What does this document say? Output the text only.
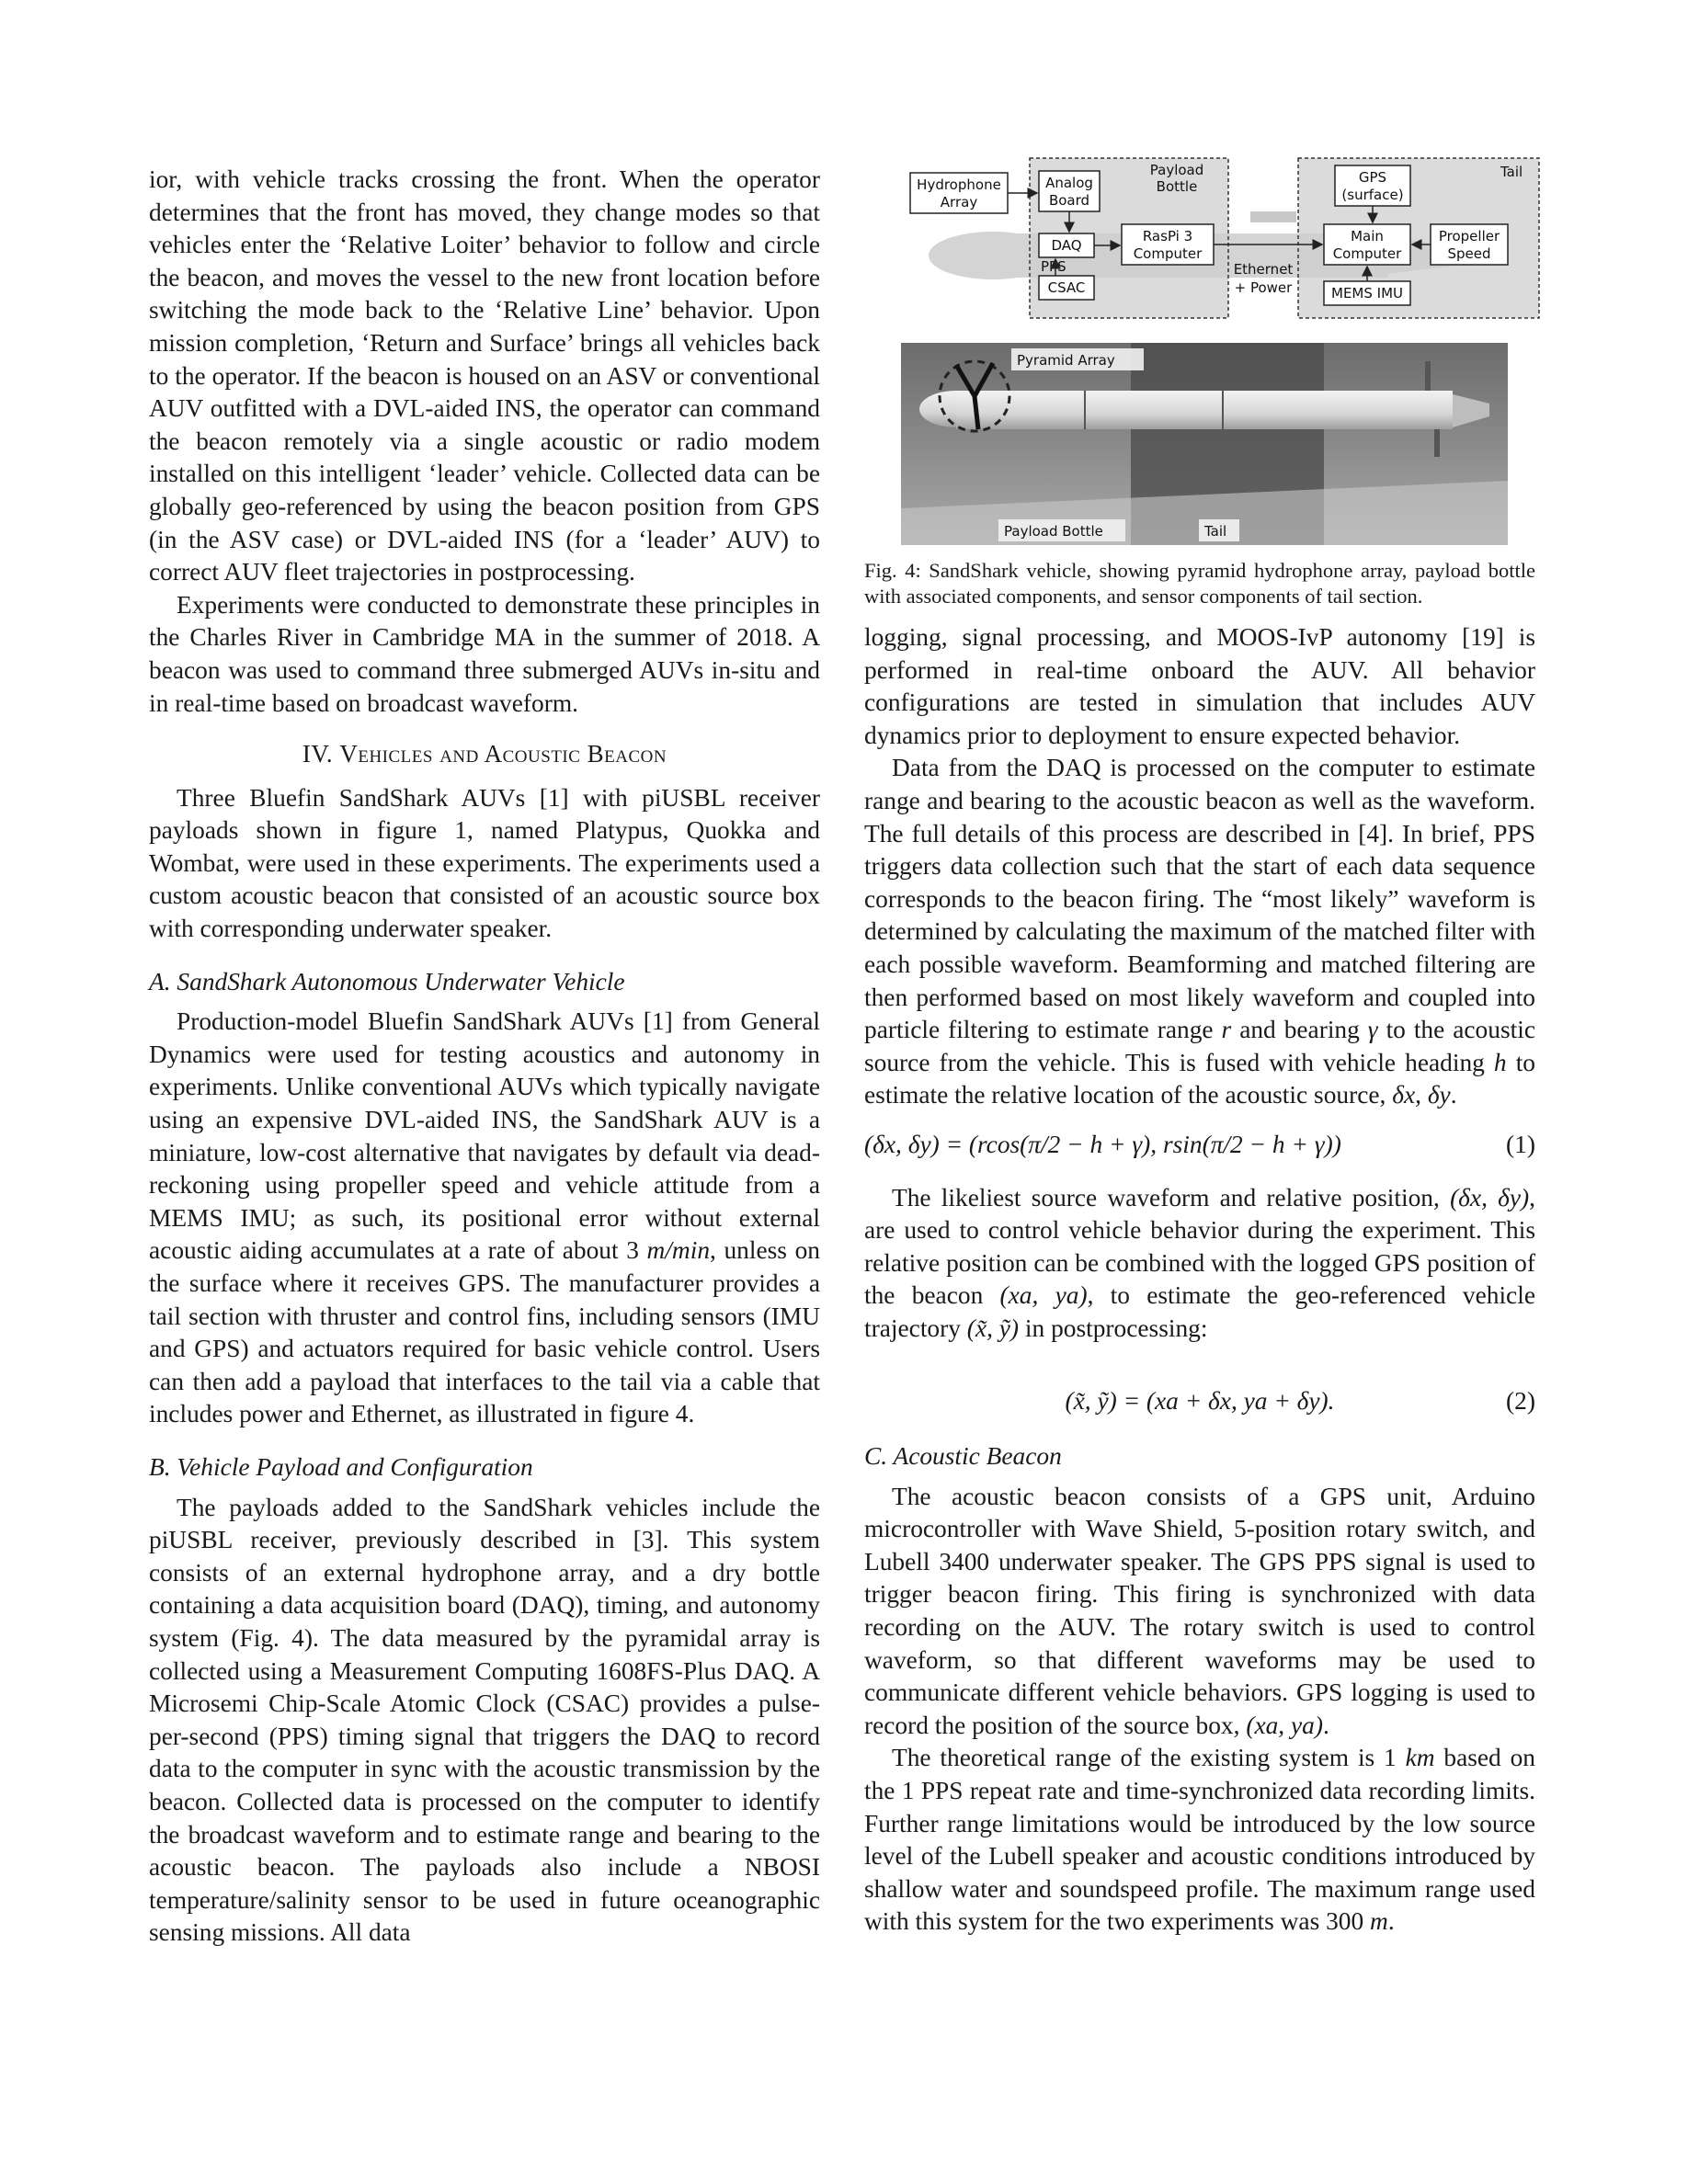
ior, with vehicle tracks crossing the front. When the operator determines that the front has moved, they change modes so that vehicles enter the ‘Relative Loiter’ behavior to follow and circle the beacon, and moves the vessel to the new front location before switching the mode back to the ‘Relative Line’ behavior. Upon mission completion, ‘Return and Surface’ brings all vehicles back to the operator. If the beacon is housed on an ASV or conventional AUV outfitted with a DVL-aided INS, the operator can command the beacon remotely via a single acoustic or radio modem installed on this intelligent ‘leader’ vehicle. Collected data can be globally geo-referenced by using the beacon position from GPS (in the ASV case) or DVL-aided INS (for a ‘leader’ AUV) to correct AUV fleet trajectories in postprocessing.

Experiments were conducted to demonstrate these principles in the Charles River in Cambridge MA in the summer of 2018. A beacon was used to command three submerged AUVs in-situ and in real-time based on broadcast waveform.

IV. Vehicles and Acoustic Beacon

Three Bluefin SandShark AUVs [1] with piUSBL receiver payloads shown in figure 1, named Platypus, Quokka and Wombat, were used in these experiments. The experiments used a custom acoustic beacon that consisted of an acoustic source box with corresponding underwater speaker.

A. SandShark Autonomous Underwater Vehicle

Production-model Bluefin SandShark AUVs [1] from General Dynamics were used for testing acoustics and autonomy in experiments. Unlike conventional AUVs which typically navigate using an expensive DVL-aided INS, the SandShark AUV is a miniature, low-cost alternative that navigates by default via dead-reckoning using propeller speed and vehicle attitude from a MEMS IMU; as such, its positional error without external acoustic aiding accumulates at a rate of about 3 m/min, unless on the surface where it receives GPS. The manufacturer provides a tail section with thruster and control fins, including sensors (IMU and GPS) and actuators required for basic vehicle control. Users can then add a payload that interfaces to the tail via a cable that includes power and Ethernet, as illustrated in figure 4.

B. Vehicle Payload and Configuration

The payloads added to the SandShark vehicles include the piUSBL receiver, previously described in [3]. This system consists of an external hydrophone array, and a dry bottle containing a data acquisition board (DAQ), timing, and autonomy system (Fig. 4). The data measured by the pyramidal array is collected using a Measurement Computing 1608FS-Plus DAQ. A Microsemi Chip-Scale Atomic Clock (CSAC) provides a pulse-per-second (PPS) timing signal that triggers the DAQ to record data to the computer in sync with the acoustic transmission by the beacon. Collected data is processed on the computer to identify the broadcast waveform and to estimate range and bearing to the acoustic beacon. The payloads also include a NBOSI temperature/salinity sensor to be used in future oceanographic sensing missions. All data

Hydrophone
Array
Analog
Board
Payload
Bottle
DAQ
PPS
CSAC
RasPi 3
Computer
Ethernet
+ Power
GPS
(surface)
Tail
Main
Computer
Propeller
Speed
MEMS IMU
Pyramid Array
Payload Bottle	Tail
Fig. 4: SandShark vehicle, showing pyramid hydrophone array, payload bottle with associated components, and sensor components of tail section.

logging, signal processing, and MOOS-IvP autonomy [19] is performed in real-time onboard the AUV. All behavior configurations are tested in simulation that includes AUV dynamics prior to deployment to ensure expected behavior.

Data from the DAQ is processed on the computer to estimate range and bearing to the acoustic beacon as well as the waveform. The full details of this process are described in [4]. In brief, PPS triggers data collection such that the start of each data sequence corresponds to the beacon firing. The “most likely” waveform is determined by calculating the maximum of the matched filter with each possible waveform. Beamforming and matched filtering are then performed based on most likely waveform and coupled into particle filtering to estimate range r and bearing γ to the acoustic source from the vehicle. This is fused with vehicle heading h to estimate the relative location of the acoustic source, δx, δy.

(δx, δy) = (rcos(π/2 − h + γ), rsin(π/2 − h + γ))	(1)

The likeliest source waveform and relative position, (δx, δy), are used to control vehicle behavior during the experiment. This relative position can be combined with the logged GPS position of the beacon (xa, ya), to estimate the geo-referenced vehicle trajectory (x̃, ỹ) in postprocessing:

(x̃, ỹ) = (xa + δx, ya + δy).	(2)
C. Acoustic Beacon

The acoustic beacon consists of a GPS unit, Arduino microcontroller with Wave Shield, 5-position rotary switch, and Lubell 3400 underwater speaker. The GPS PPS signal is used to trigger beacon firing. This firing is synchronized with data recording on the AUV. The rotary switch is used to control waveform, so that different waveforms may be used to communicate different vehicle behaviors. GPS logging is used to record the position of the source box, (xa, ya).

The theoretical range of the existing system is 1 km based on the 1 PPS repeat rate and time-synchronized data recording limits. Further range limitations would be introduced by the low source level of the Lubell speaker and acoustic conditions introduced by shallow water and soundspeed profile. The maximum range used with this system for the two experiments was 300 m.
